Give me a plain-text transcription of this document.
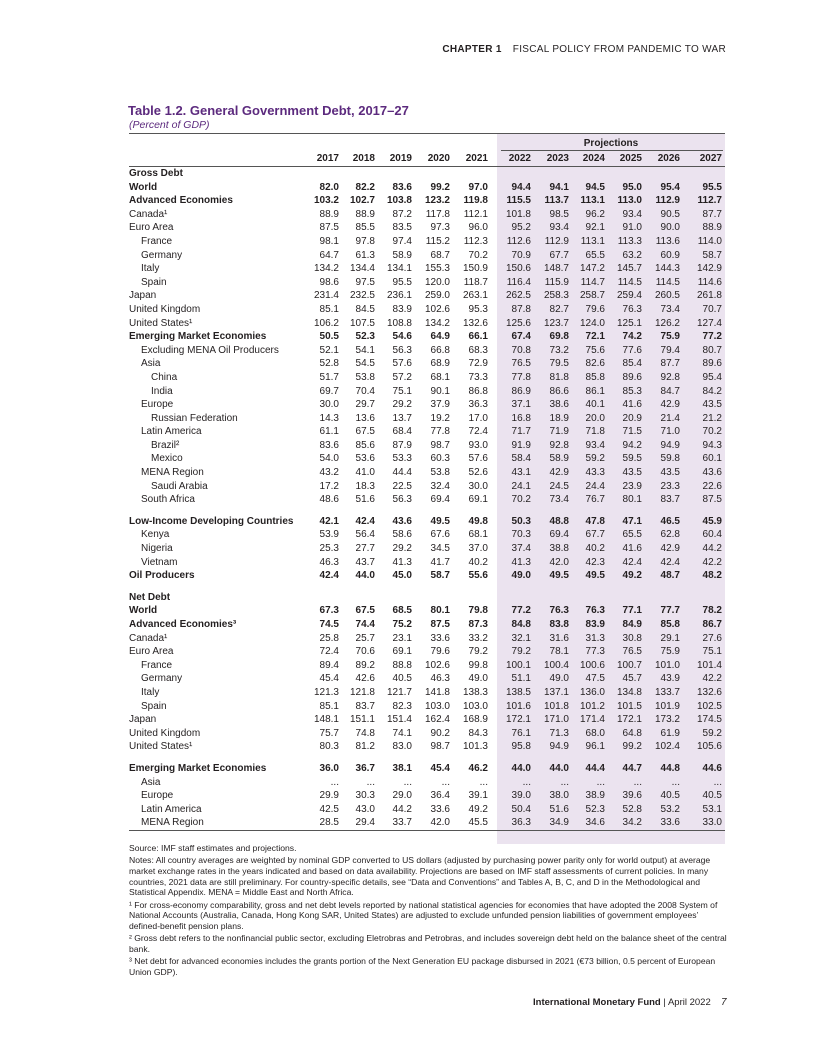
CHAPTER 1 FISCAL POLICY FROM PANDEMIC TO WAR
Table 1.2. General Government Debt, 2017–27

(Percent of GDP)

Projections
	2017	2018	2019	2020	2021	2022	2023	2024	2025	2026	2027
Gross Debt											
World	82.0	82.2	83.6	99.2	97.0	94.4	94.1	94.5	95.0	95.4	95.5
Advanced Economies	103.2	102.7	103.8	123.2	119.8	115.5	113.7	113.1	113.0	112.9	112.7
Canada¹	88.9	88.9	87.2	117.8	112.1	101.8	98.5	96.2	93.4	90.5	87.7
Euro Area	87.5	85.5	83.5	97.3	96.0	95.2	93.4	92.1	91.0	90.0	88.9
France	98.1	97.8	97.4	115.2	112.3	112.6	112.9	113.1	113.3	113.6	114.0
Germany	64.7	61.3	58.9	68.7	70.2	70.9	67.7	65.5	63.2	60.9	58.7
Italy	134.2	134.4	134.1	155.3	150.9	150.6	148.7	147.2	145.7	144.3	142.9
Spain	98.6	97.5	95.5	120.0	118.7	116.4	115.9	114.7	114.5	114.5	114.6
Japan	231.4	232.5	236.1	259.0	263.1	262.5	258.3	258.7	259.4	260.5	261.8
United Kingdom	85.1	84.5	83.9	102.6	95.3	87.8	82.7	79.6	76.3	73.4	70.7
United States¹	106.2	107.5	108.8	134.2	132.6	125.6	123.7	124.0	125.1	126.2	127.4
Emerging Market Economies	50.5	52.3	54.6	64.9	66.1	67.4	69.8	72.1	74.2	75.9	77.2
Excluding MENA Oil Producers	52.1	54.1	56.3	66.8	68.3	70.8	73.2	75.6	77.6	79.4	80.7
Asia	52.8	54.5	57.6	68.9	72.9	76.5	79.5	82.6	85.4	87.7	89.6
China	51.7	53.8	57.2	68.1	73.3	77.8	81.8	85.8	89.6	92.8	95.4
India	69.7	70.4	75.1	90.1	86.8	86.9	86.6	86.1	85.3	84.7	84.2
Europe	30.0	29.7	29.2	37.9	36.3	37.1	38.6	40.1	41.6	42.9	43.5
Russian Federation	14.3	13.6	13.7	19.2	17.0	16.8	18.9	20.0	20.9	21.4	21.2
Latin America	61.1	67.5	68.4	77.8	72.4	71.7	71.9	71.8	71.5	71.0	70.2
Brazil²	83.6	85.6	87.9	98.7	93.0	91.9	92.8	93.4	94.2	94.9	94.3
Mexico	54.0	53.6	53.3	60.3	57.6	58.4	58.9	59.2	59.5	59.8	60.1
MENA Region	43.2	41.0	44.4	53.8	52.6	43.1	42.9	43.3	43.5	43.5	43.6
Saudi Arabia	17.2	18.3	22.5	32.4	30.0	24.1	24.5	24.4	23.9	23.3	22.6
South Africa	48.6	51.6	56.3	69.4	69.1	70.2	73.4	76.7	80.1	83.7	87.5
Low-Income Developing Countries	42.1	42.4	43.6	49.5	49.8	50.3	48.8	47.8	47.1	46.5	45.9
Kenya	53.9	56.4	58.6	67.6	68.1	70.3	69.4	67.7	65.5	62.8	60.4
Nigeria	25.3	27.7	29.2	34.5	37.0	37.4	38.8	40.2	41.6	42.9	44.2
Vietnam	46.3	43.7	41.3	41.7	40.2	41.3	42.0	42.3	42.4	42.4	42.2
Oil Producers	42.4	44.0	45.0	58.7	55.6	49.0	49.5	49.5	49.2	48.7	48.2
Net Debt											
World	67.3	67.5	68.5	80.1	79.8	77.2	76.3	76.3	77.1	77.7	78.2
Advanced Economies³	74.5	74.4	75.2	87.5	87.3	84.8	83.8	83.9	84.9	85.8	86.7
Canada¹	25.8	25.7	23.1	33.6	33.2	32.1	31.6	31.3	30.8	29.1	27.6
Euro Area	72.4	70.6	69.1	79.6	79.2	79.2	78.1	77.3	76.5	75.9	75.1
France	89.4	89.2	88.8	102.6	99.8	100.1	100.4	100.6	100.7	101.0	101.4
Germany	45.4	42.6	40.5	46.3	49.0	51.1	49.0	47.5	45.7	43.9	42.2
Italy	121.3	121.8	121.7	141.8	138.3	138.5	137.1	136.0	134.8	133.7	132.6
Spain	85.1	83.7	82.3	103.0	103.0	101.6	101.8	101.2	101.5	101.9	102.5
Japan	148.1	151.1	151.4	162.4	168.9	172.1	171.0	171.4	172.1	173.2	174.5
United Kingdom	75.7	74.8	74.1	90.2	84.3	76.1	71.3	68.0	64.8	61.9	59.2
United States¹	80.3	81.2	83.0	98.7	101.3	95.8	94.9	96.1	99.2	102.4	105.6
Emerging Market Economies	36.0	36.7	38.1	45.4	46.2	44.0	44.0	44.4	44.7	44.8	44.6
Asia	...	...	...	...	...	...	...	...	...	...	...
Europe	29.9	30.3	29.0	36.4	39.1	39.0	38.0	38.9	39.6	40.5	40.5
Latin America	42.5	43.0	44.2	33.6	49.2	50.4	51.6	52.3	52.8	53.2	53.1
MENA Region	28.5	29.4	33.7	42.0	45.5	36.3	34.9	34.6	34.2	33.6	33.0

Source: IMF staff estimates and projections.

Notes: All country averages are weighted by nominal GDP converted to US dollars (adjusted by purchasing power parity only for world output) at average market exchange rates in the years indicated and based on data availability. Projections are based on IMF staff assessments of current policies. In many countries, 2021 data are still preliminary. For country-specific details, see “Data and Conventions” and Tables A, B, C, and D in the Methodological and Statistical Appendix. MENA = Middle East and North Africa.

¹ For cross-economy comparability, gross and net debt levels reported by national statistical agencies for economies that have adopted the 2008 System of National Accounts (Australia, Canada, Hong Kong SAR, United States) are adjusted to exclude unfunded pension liabilities of government employees’ defined-benefit pension plans.

² Gross debt refers to the nonfinancial public sector, excluding Eletrobras and Petrobras, and includes sovereign debt held on the balance sheet of the central bank.

³ Net debt for advanced economies includes the grants portion of the Next Generation EU package disbursed in 2021 (€73 billion, 0.5 percent of European Union GDP).

International Monetary Fund | April 2022 7
